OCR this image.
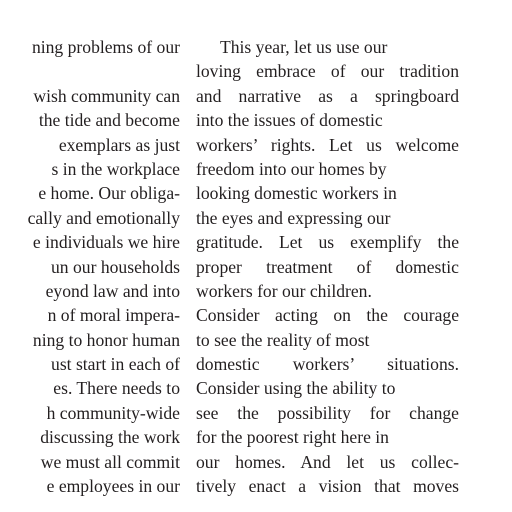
ning problems of our
wish community can
the tide and become
exemplars as just
s in the workplace
e home. Our obliga-
cally and emotionally
e individuals we hire
un our households
eyond law and into
n of moral impera-
ning to honor human
ust start in each of
es. There needs to
h community-wide
discussing the work
we must all commit
e employees in our
This year, let us use our
loving embrace of our tradition
and narrative as a springboard
into the issues of domestic
workers’ rights. Let us welcome
freedom into our homes by
looking domestic workers in
the eyes and expressing our
gratitude. Let us exemplify the
proper treatment of domestic
workers for our children.
Consider acting on the courage
to see the reality of most
domestic workers’ situations.
Consider using the ability to
see the possibility for change
for the poorest right here in
our homes. And let us collec-
tively enact a vision that moves
